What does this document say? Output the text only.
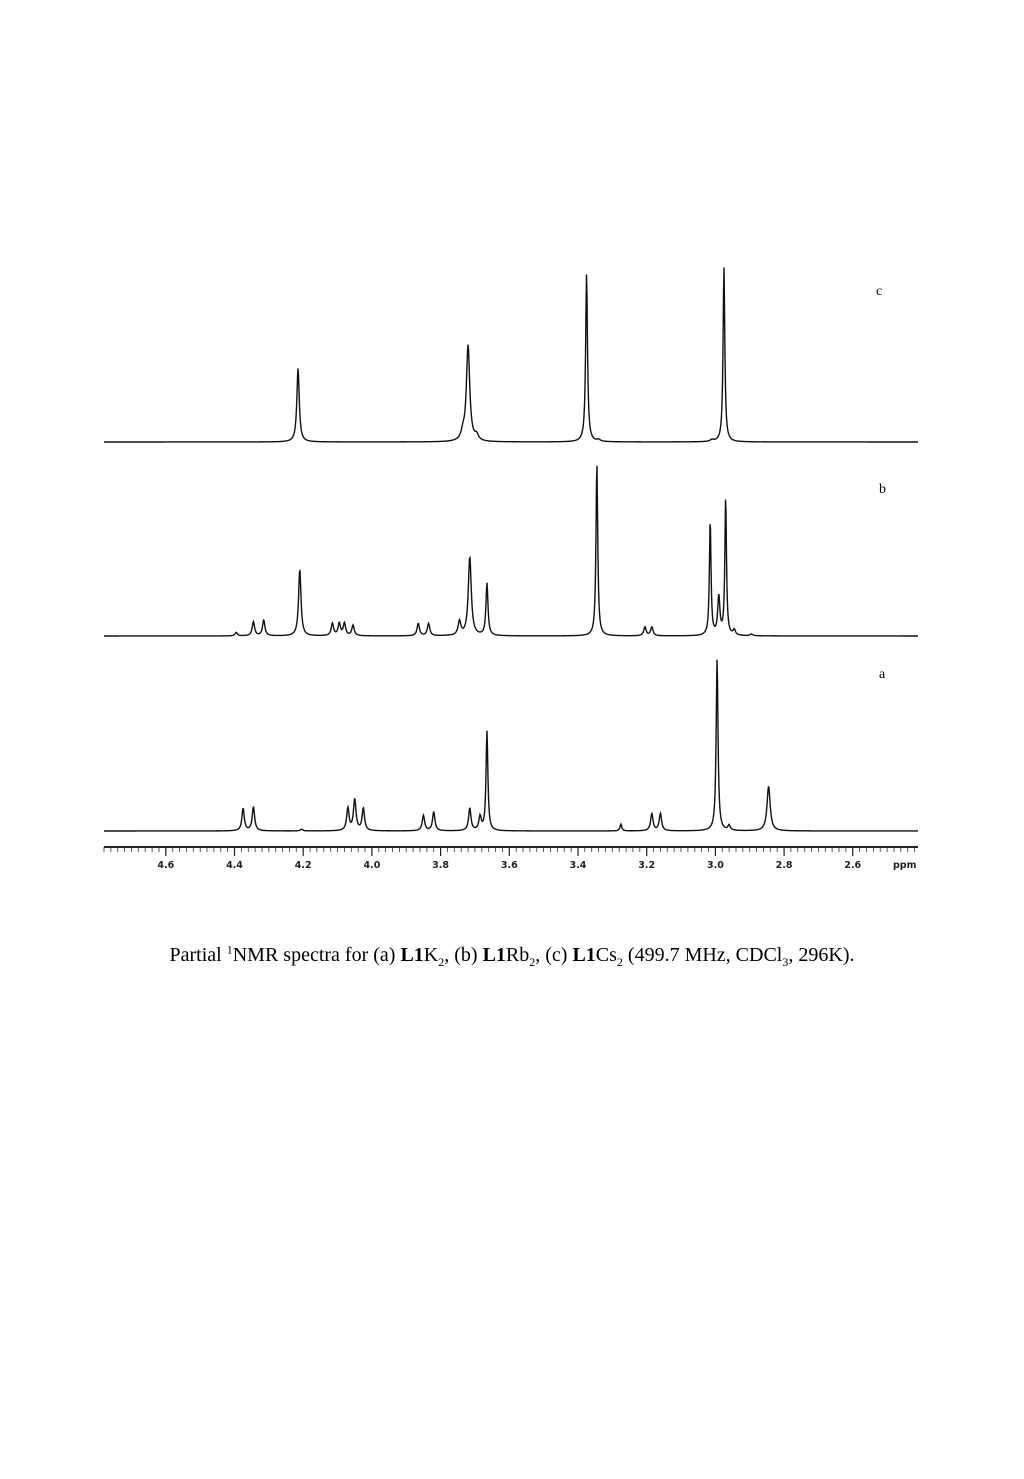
c
b
a
4.6	4.4	4.2	4.0	3.8	3.6	3.4	3.2	3.0	2.8	2.6	ppm
Partial $^1$NMR spectra for (a) $L1K_2$, (b) $L1Rb_2$, (c) $L1Cs_2$ (499.7 MHz, CDCl$_3$, 296K).
